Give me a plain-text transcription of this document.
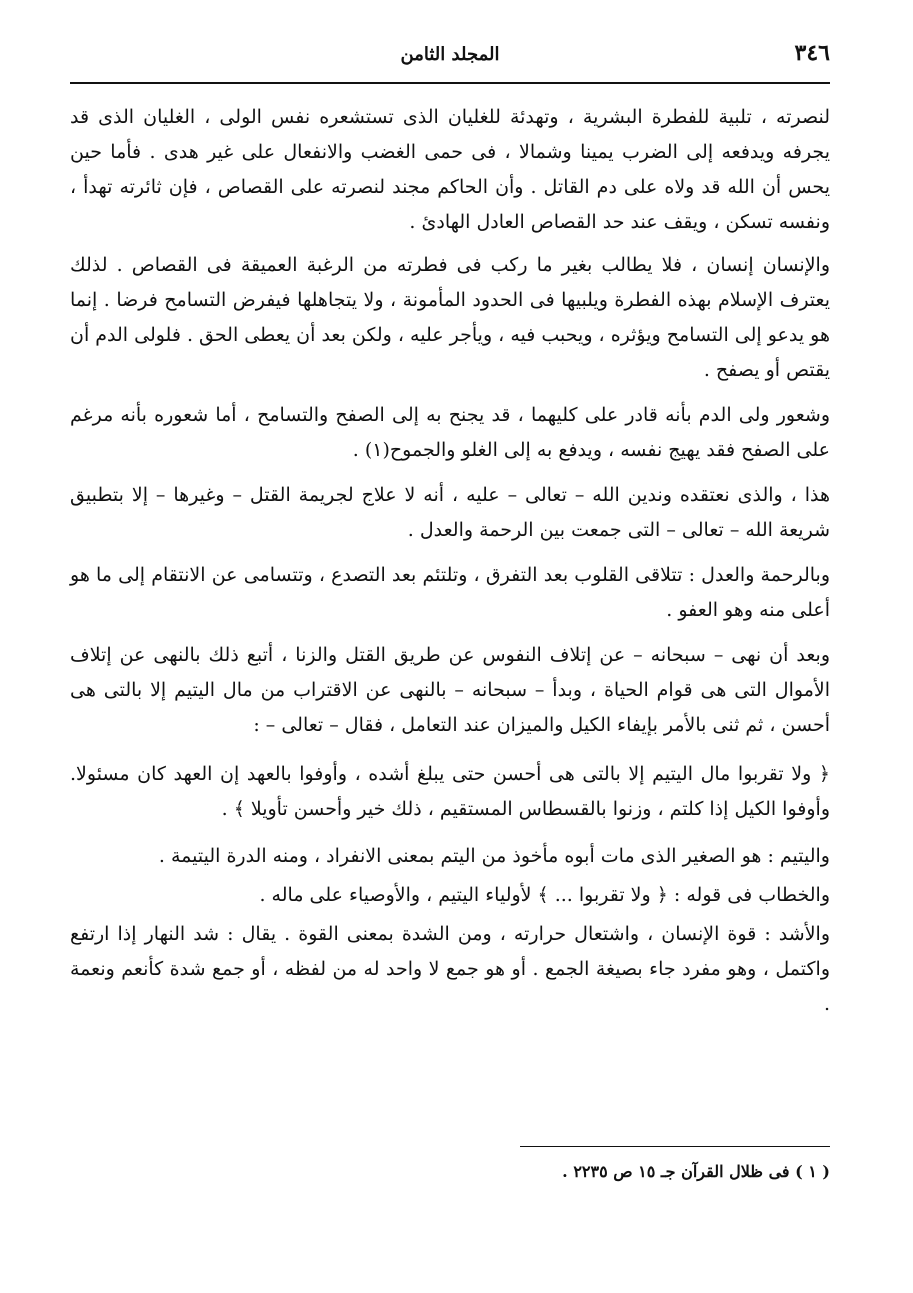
٣٤٦
المجلد الثامن

لنصرته ، تلبية للفطرة البشرية ، وتهدئة للغليان الذى تستشعره نفس الولى ، الغليان الذى قد يجرفه ويدفعه إلى الضرب يمينا وشمالا ، فى حمى الغضب والانفعال على غير هدى . فأما حين يحس أن الله قد ولاه على دم القاتل . وأن الحاكم مجند لنصرته على القصاص ، فإن ثائرته تهدأ ، ونفسه تسكن ، ويقف عند حد القصاص العادل الهادئ .

والإنسان إنسان ، فلا يطالب بغير ما ركب فى فطرته من الرغبة العميقة فى القصاص . لذلك يعترف الإسلام بهذه الفطرة ويلبيها فى الحدود المأمونة ، ولا يتجاهلها فيفرض التسامح فرضا . إنما هو يدعو إلى التسامح ويؤثره ، ويحبب فيه ، ويأجر عليه ، ولكن بعد أن يعطى الحق . فلولى الدم أن يقتص أو يصفح .

وشعور ولى الدم بأنه قادر على كليهما ، قد يجنح به إلى الصفح والتسامح ، أما شعوره بأنه مرغم على الصفح فقد يهيج نفسه ، ويدفع به إلى الغلو والجموح(١) .

هذا ، والذى نعتقده وندين الله – تعالى – عليه ، أنه لا علاج لجريمة القتل – وغيرها – إلا بتطبيق شريعة الله – تعالى – التى جمعت بين الرحمة والعدل .

وبالرحمة والعدل : تتلاقى القلوب بعد التفرق ، وتلتئم بعد التصدع ، وتتسامى عن الانتقام إلى ما هو أعلى منه وهو العفو .

وبعد أن نهى – سبحانه – عن إتلاف النفوس عن طريق القتل والزنا ، أتبع ذلك بالنهى عن إتلاف الأموال التى هى قوام الحياة ، وبدأ – سبحانه – بالنهى عن الاقتراب من مال اليتيم إلا بالتى هى أحسن ، ثم ثنى بالأمر بإيفاء الكيل والميزان عند التعامل ، فقال – تعالى – :

﴿ ولا تقربوا مال اليتيم إلا بالتى هى أحسن حتى يبلغ أشده ، وأوفوا بالعهد إن العهد كان مسئولا. وأوفوا الكيل إذا كلتم ، وزنوا بالقسطاس المستقيم ، ذلك خير وأحسن تأويلا ﴾ .

واليتيم : هو الصغير الذى مات أبوه مأخوذ من اليتم بمعنى الانفراد ، ومنه الدرة اليتيمة .

والخطاب فى قوله : ﴿ ولا تقربوا ... ﴾ لأولياء اليتيم ، والأوصياء على ماله .

والأشد : قوة الإنسان ، واشتعال حرارته ، ومن الشدة بمعنى القوة . يقال : شد النهار إذا ارتفع واكتمل ، وهو مفرد جاء بصيغة الجمع . أو هو جمع لا واحد له من لفظه ، أو جمع شدة كأنعم ونعمة .

( ١ ) فى ظلال القرآن جـ ١٥ ص ٢٢٣٥ .
